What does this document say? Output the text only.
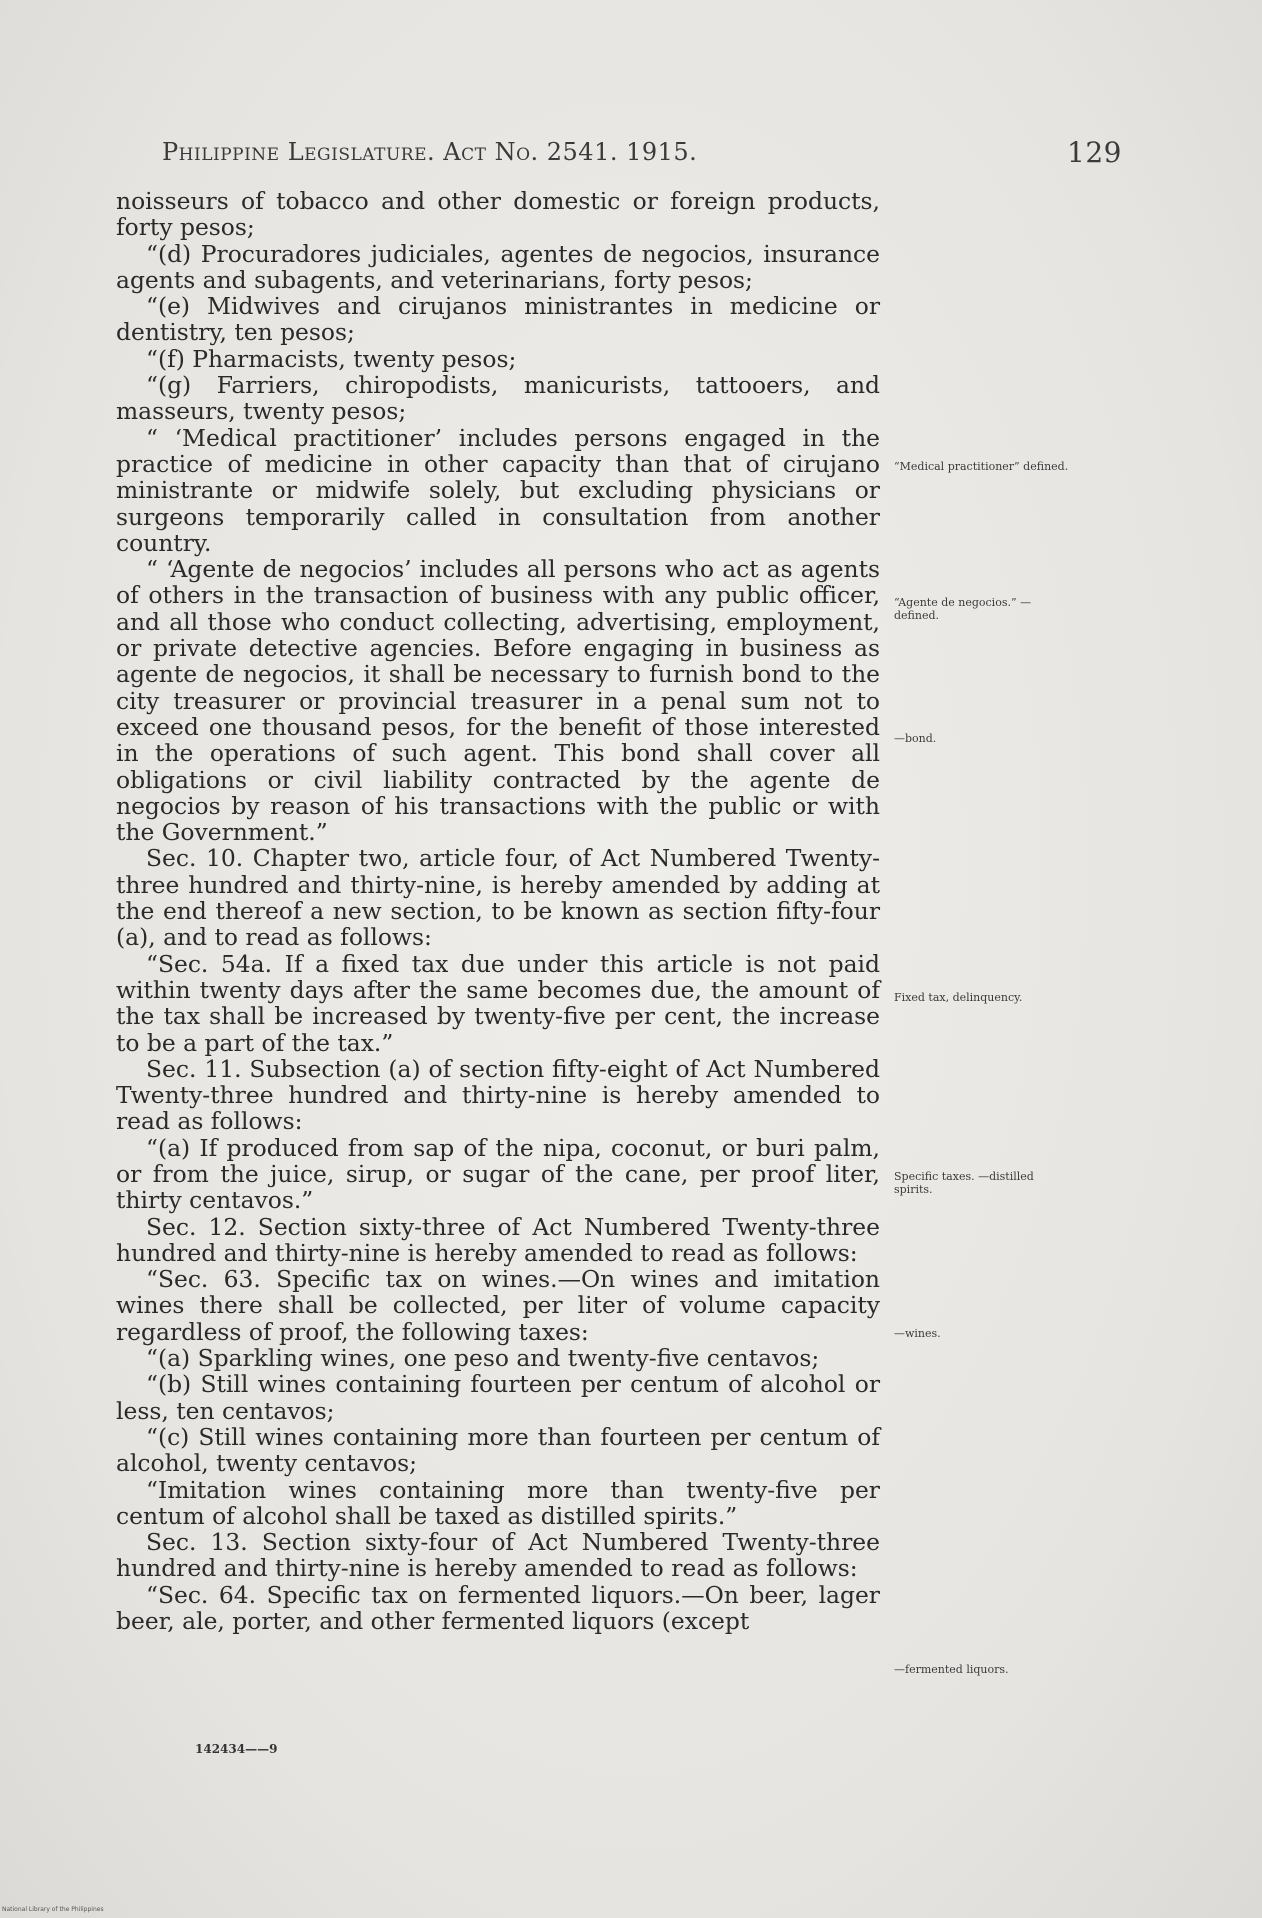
Philippine Legislature. Act No. 2541. 1915.	129

noisseurs of tobacco and other domestic or foreign products, forty pesos;

“(d) Procuradores judiciales, agentes de negocios, insurance agents and subagents, and veterinarians, forty pesos;

“(e) Midwives and cirujanos ministrantes in medicine or dentistry, ten pesos;

“(f) Pharmacists, twenty pesos;

“(g) Farriers, chiropodists, manicurists, tattooers, and masseurs, twenty pesos;

“ ‘Medical practitioner’ includes persons engaged in the practice of medicine in other capacity than that of cirujano ministrante or midwife solely, but excluding physicians or surgeons temporarily called in consultation from another country.

“ ‘Agente de negocios’ includes all persons who act as agents of others in the transaction of business with any public officer, and all those who conduct collecting, advertising, employment, or private detective agencies. Before engaging in business as agente de negocios, it shall be necessary to furnish bond to the city treasurer or provincial treasurer in a penal sum not to exceed one thousand pesos, for the benefit of those interested in the operations of such agent. This bond shall cover all obligations or civil liability contracted by the agente de negocios by reason of his transactions with the public or with the Government.”

Sec. 10. Chapter two, article four, of Act Numbered Twenty-three hundred and thirty-nine, is hereby amended by adding at the end thereof a new section, to be known as section fifty-four (a), and to read as follows:

“Sec. 54a. If a fixed tax due under this article is not paid within twenty days after the same becomes due, the amount of the tax shall be increased by twenty-five per cent, the increase to be a part of the tax.”

Sec. 11. Subsection (a) of section fifty-eight of Act Numbered Twenty-three hundred and thirty-nine is hereby amended to read as follows:

“(a) If produced from sap of the nipa, coconut, or buri palm, or from the juice, sirup, or sugar of the cane, per proof liter, thirty centavos.”

Sec. 12. Section sixty-three of Act Numbered Twenty-three hundred and thirty-nine is hereby amended to read as follows:

“Sec. 63. Specific tax on wines.—On wines and imitation wines there shall be collected, per liter of volume capacity regardless of proof, the following taxes:

“(a) Sparkling wines, one peso and twenty-five centavos;

“(b) Still wines containing fourteen per centum of alcohol or less, ten centavos;

“(c) Still wines containing more than fourteen per centum of alcohol, twenty centavos;

“Imitation wines containing more than twenty-five per centum of alcohol shall be taxed as distilled spirits.”

Sec. 13. Section sixty-four of Act Numbered Twenty-three hundred and thirty-nine is hereby amended to read as follows:

“Sec. 64. Specific tax on fermented liquors.—On beer, lager beer, ale, porter, and other fermented liquors (except

“Medical practitioner” defined.
“Agente de negocios.” —defined.
—bond.
Fixed tax, delinquency.
Specific taxes. —distilled spirits.
—wines.
—fermented liquors.
142434——9
National Library of the Philippines
